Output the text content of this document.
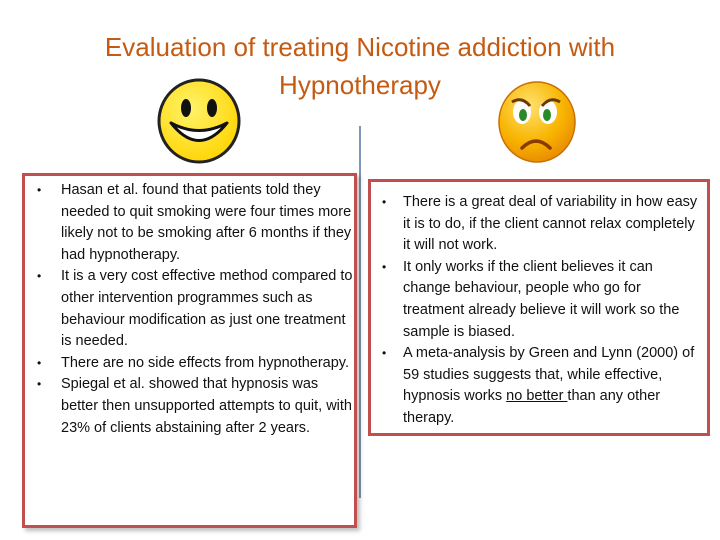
Evaluation of treating Nicotine addiction with
Hypnotherapy
• Hasan et al. found that patients told they needed to quit smoking were four times more likely not to be smoking after 6 months if they had hypnotherapy.
• It is a very cost effective method compared to other intervention programmes such as behaviour modification as just one treatment is needed.
• There are no side effects from hypnotherapy.
• Spiegal et al. showed that hypnosis was better then unsupported attempts to quit, with 23% of clients abstaining after 2 years.
• There is a great deal of variability in how easy it is to do, if the client cannot relax completely it will not work.
• It only works if the client believes it can change behaviour, people who go for treatment already believe it will work so the sample is biased.
• A meta-analysis by Green and Lynn (2000) of 59 studies suggests that, while effective, hypnosis works no better than any other therapy.
